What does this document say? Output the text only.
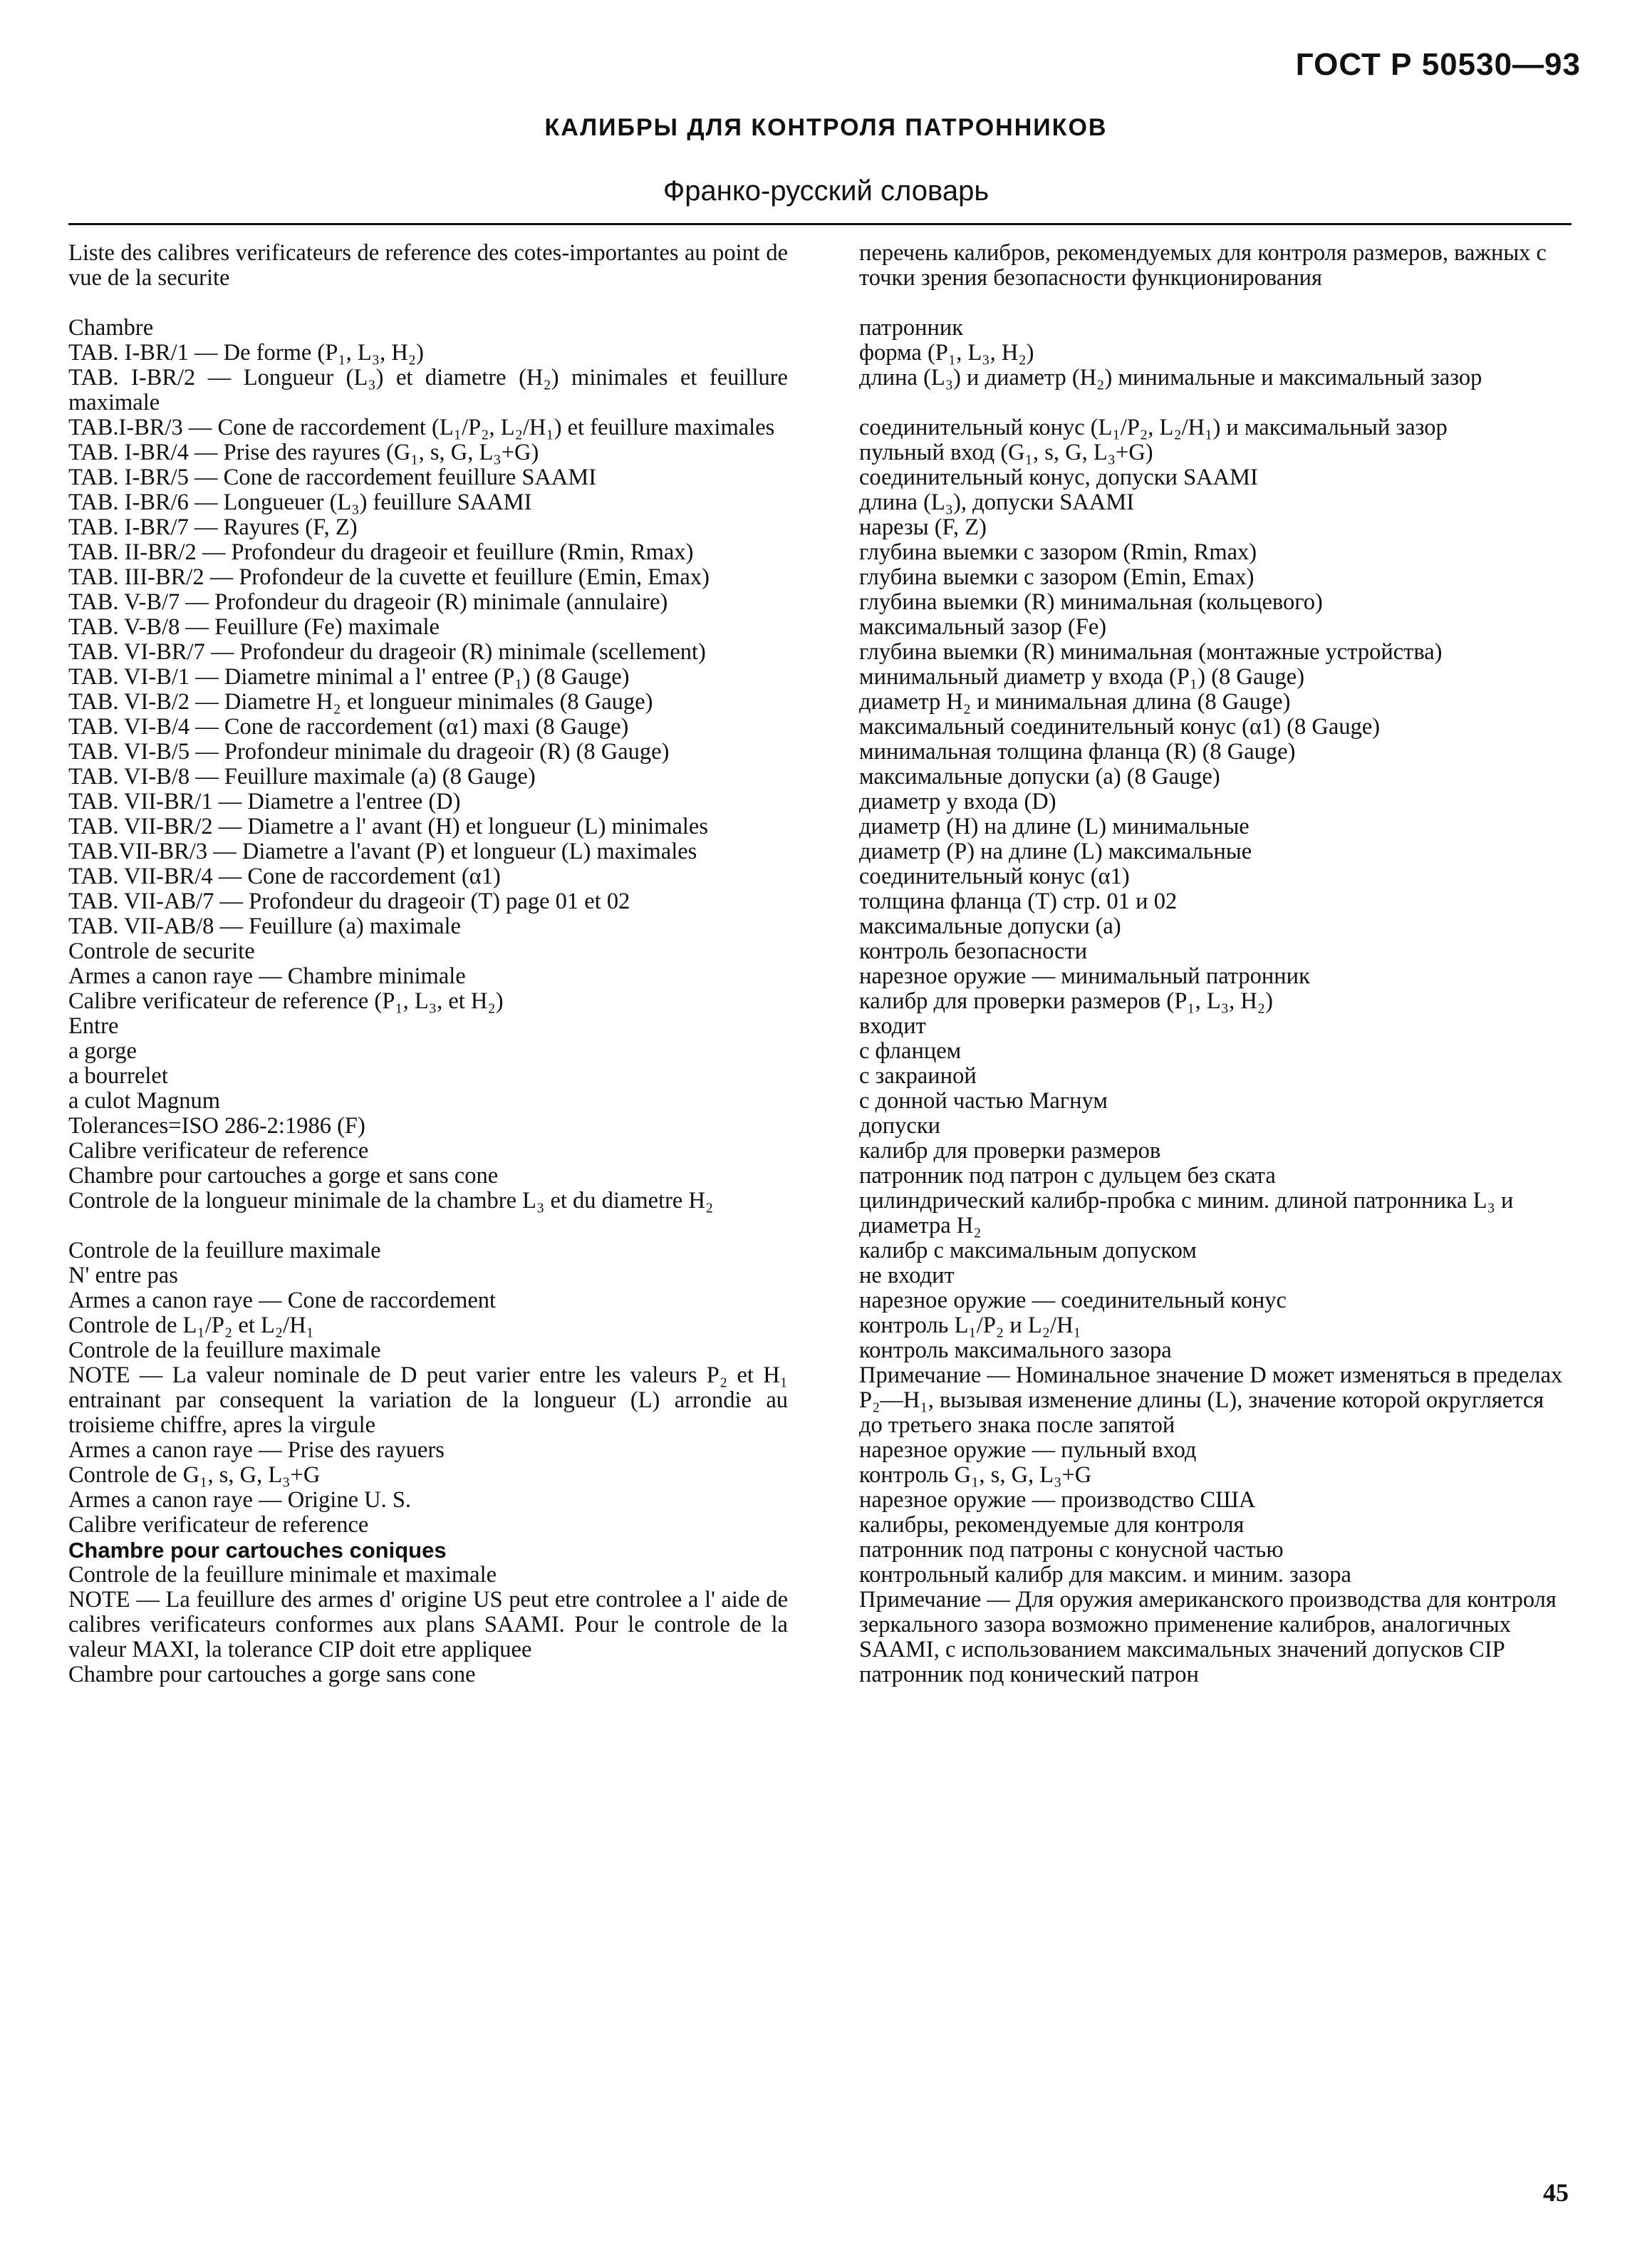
ГОСТ Р 50530—93
КАЛИБРЫ ДЛЯ КОНТРОЛЯ ПАТРОННИКОВ
Франко-русский словарь
Liste des calibres verificateurs de reference des cotes-importantes au point de vue de la securite	перечень калибров, рекомендуемых для контроля размеров, важных с точки зрения безопасности функционирования
Chambre	патронник
TAB. I-BR/1 — De forme (P₁, L₃, H₂)	форма (P₁, L₃, H₂)
TAB. I-BR/2 — Longueur (L₃) et diametre (H₂) minimales et feuillure maximale	длина (L₃) и диаметр (H₂) минимальные и максимальный зазор
TAB.I-BR/3 — Cone de raccordement (L₁/P₂, L₂/H₁) et feuillure maximales	соединительный конус (L₁/P₂, L₂/H₁) и максимальный зазор
TAB. I-BR/4 — Prise des rayures (G₁, s, G, L₃+G)	пульный вход (G₁, s, G, L₃+G)
TAB. I-BR/5 — Cone de raccordement feuillure SAAMI	соединительный конус, допуски SAAMI
TAB. I-BR/6 — Longueuer (L₃) feuillure SAAMI	длина (L₃), допуски SAAMI
TAB. I-BR/7 — Rayures (F, Z)	нарезы (F, Z)
TAB. II-BR/2 — Profondeur du drageoir et feuillure (Rmin, Rmax)	глубина выемки с зазором (Rmin, Rmax)
TAB. III-BR/2 — Profondeur de la cuvette et feuillure (Emin, Emax)	глубина выемки с зазором (Emin, Emax)
TAB. V-B/7 — Profondeur du drageoir (R) minimale (annulaire)	глубина выемки (R) минимальная (кольцевого)
TAB. V-B/8 — Feuillure (Fe) maximale	максимальный зазор (Fe)
TAB. VI-BR/7 — Profondeur du drageoir (R) minimale (scellement)	глубина выемки (R) минимальная (монтажные устройства)
TAB. VI-B/1 — Diametre minimal a l' entree (P₁) (8 Gauge)	минимальный диаметр у входа (P₁) (8 Gauge)
TAB. VI-B/2 — Diametre H₂ et longueur minimales (8 Gauge)	диаметр H₂ и минимальная длина (8 Gauge)
TAB. VI-B/4 — Cone de raccordement (α1) maxi (8 Gauge)	максимальный соединительный конус (α1) (8 Gauge)
TAB. VI-B/5 — Profondeur minimale du drageoir (R) (8 Gauge)	минимальная толщина фланца (R) (8 Gauge)
TAB. VI-B/8 — Feuillure maximale (a) (8 Gauge)	максимальные допуски (a) (8 Gauge)
TAB. VII-BR/1 — Diametre a l'entree (D)	диаметр у входа (D)
TAB. VII-BR/2 — Diametre a l' avant (H) et longueur (L) minimales	диаметр (H) на длине (L) минимальные
TAB.VII-BR/3 — Diametre a l'avant (P) et longueur (L) maximales	диаметр (P) на длине (L) максимальные
TAB. VII-BR/4 — Cone de raccordement (α1)	соединительный конус (α1)
TAB. VII-AB/7 — Profondeur du drageoir (T) page 01 et 02	толщина фланца (T) стр. 01 и 02
TAB. VII-AB/8 — Feuillure (a) maximale	максимальные допуски (a)
Controle de securite	контроль безопасности
Armes a canon raye — Chambre minimale	нарезное оружие — минимальный патронник
Calibre verificateur de reference (P₁, L₃, et H₂)	калибр для проверки размеров (P₁, L₃, H₂)
Entre	входит
a gorge	с фланцем
a bourrelet	с закраиной
a culot Magnum	с донной частью Магнум
Tolerances=ISO 286-2:1986 (F)	допуски
Calibre verificateur de reference	калибр для проверки размеров
Chambre pour cartouches a gorge et sans cone	патронник под патрон с дульцем без ската
Controle de la longueur minimale de la chambre L₃ et du diametre H₂	цилиндрический калибр-пробка с миним. длиной патронника L₃ и диаметра H₂
Controle de la feuillure maximale	калибр с максимальным допуском
N' entre pas	не входит
Armes a canon raye — Cone de raccordement	нарезное оружие — соединительный конус
Controle de L₁/P₂ et L₂/H₁	контроль L₁/P₂ и L₂/H₁
Controle de la feuillure maximale	контроль максимального зазора
NOTE — La valeur nominale de D peut varier entre les valeurs P₂ et H₁ entrainant par consequent la variation de la longueur (L) arrondie au troisieme chiffre, apres la virgule	Примечание — Номинальное значение D может изменяться в пределах P₂—H₁, вызывая изменение длины (L), значение которой округляется до третьего знака после запятой
Armes a canon raye — Prise des rayuers	нарезное оружие — пульный вход
Controle de G₁, s, G, L₃+G	контроль G₁, s, G, L₃+G
Armes a canon raye — Origine U. S.	нарезное оружие — производство США
Calibre verificateur de reference	калибры, рекомендуемые для контроля
Chambre pour cartouches coniques	патронник под патроны с конусной частью
Controle de la feuillure minimale et maximale	контрольный калибр для максим. и миним. зазора
NOTE — La feuillure des armes d' origine US peut etre controlee a l' aide de calibres verificateurs conformes aux plans SAAMI. Pour le controle de la valeur MAXI, la tolerance CIP doit etre appliquee	Примечание — Для оружия американского производства для контроля зеркального зазора возможно применение калибров, аналогичных SAAMI, с использованием максимальных значений допусков CIP
Chambre pour cartouches a gorge sans cone	патронник под конический патрон
45
